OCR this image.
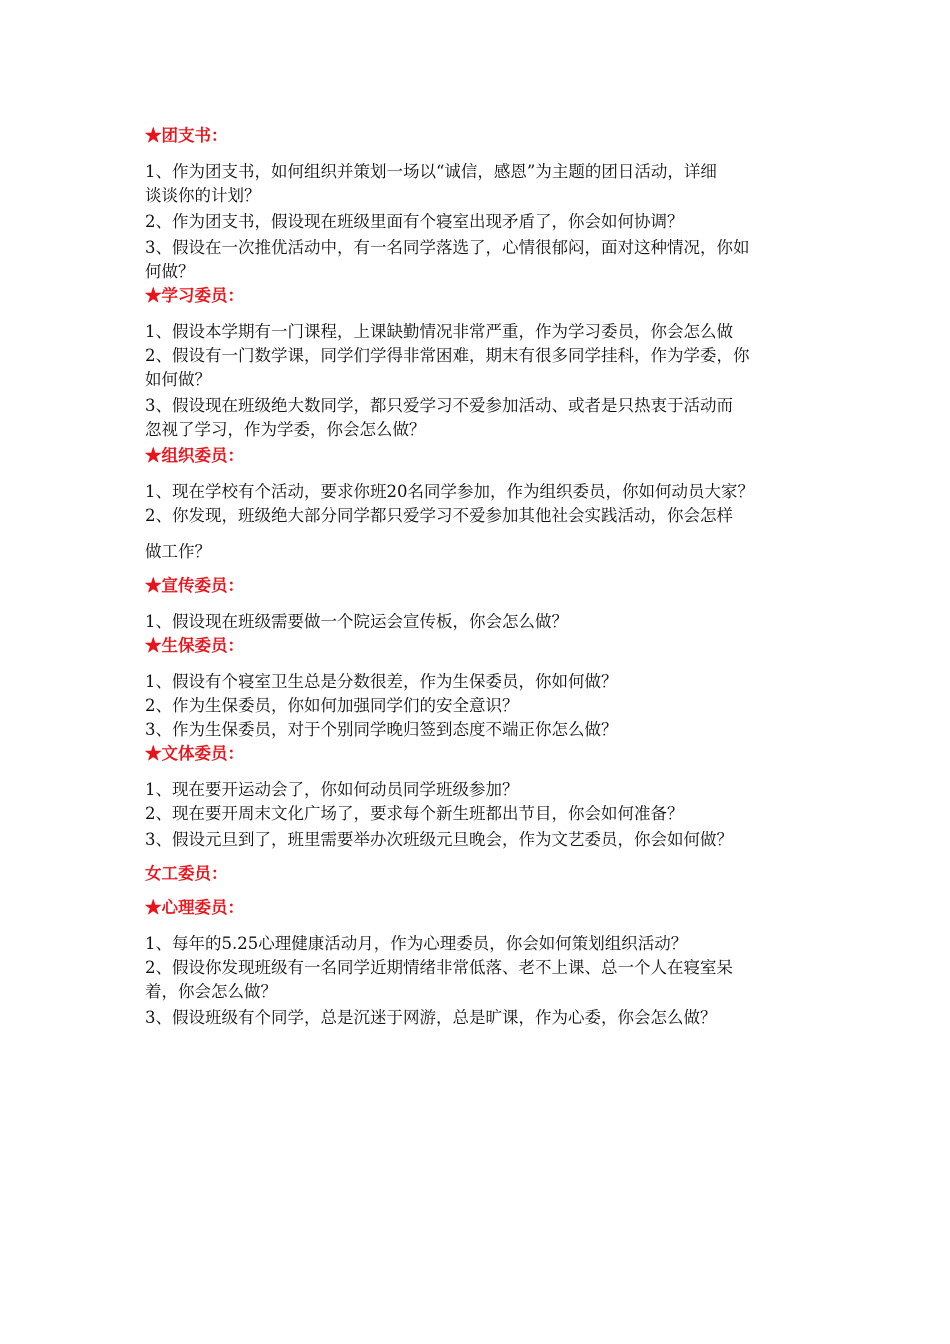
★团支书：
1、作为团支书，如何组织并策划一场以“诚信，感恩”为主题的团日活动，详细
谈谈你的计划？
2、作为团支书，假设现在班级里面有个寝室出现矛盾了，你会如何协调？
3、假设在一次推优活动中，有一名同学落选了，心情很郁闷，面对这种情况，你如
何做？
★学习委员：
1、假设本学期有一门课程，上课缺勤情况非常严重，作为学习委员，你会怎么做
2、假设有一门数学课，同学们学得非常困难，期末有很多同学挂科，作为学委，你
如何做？
3、假设现在班级绝大数同学，都只爱学习不爱参加活动、或者是只热衷于活动而
忽视了学习，作为学委，你会怎么做？
★组织委员：
1、现在学校有个活动，要求你班20名同学参加，作为组织委员，你如何动员大家？
2、你发现，班级绝大部分同学都只爱学习不爱参加其他社会实践活动，你会怎样
做工作？
★宣传委员：
1、假设现在班级需要做一个院运会宣传板，你会怎么做？
★生保委员：
1、假设有个寝室卫生总是分数很差，作为生保委员，你如何做？
2、作为生保委员，你如何加强同学们的安全意识？
3、作为生保委员，对于个别同学晚归签到态度不端正你怎么做？
★文体委员：
1、现在要开运动会了，你如何动员同学班级参加？
2、现在要开周末文化广场了，要求每个新生班都出节目，你会如何准备？
3、假设元旦到了，班里需要举办次班级元旦晚会，作为文艺委员，你会如何做？
女工委员：
★心理委员：
1、每年的5.25心理健康活动月，作为心理委员，你会如何策划组织活动？
2、假设你发现班级有一名同学近期情绪非常低落、老不上课、总一个人在寝室呆
着，你会怎么做？
3、假设班级有个同学，总是沉迷于网游，总是旷课，作为心委，你会怎么做？
